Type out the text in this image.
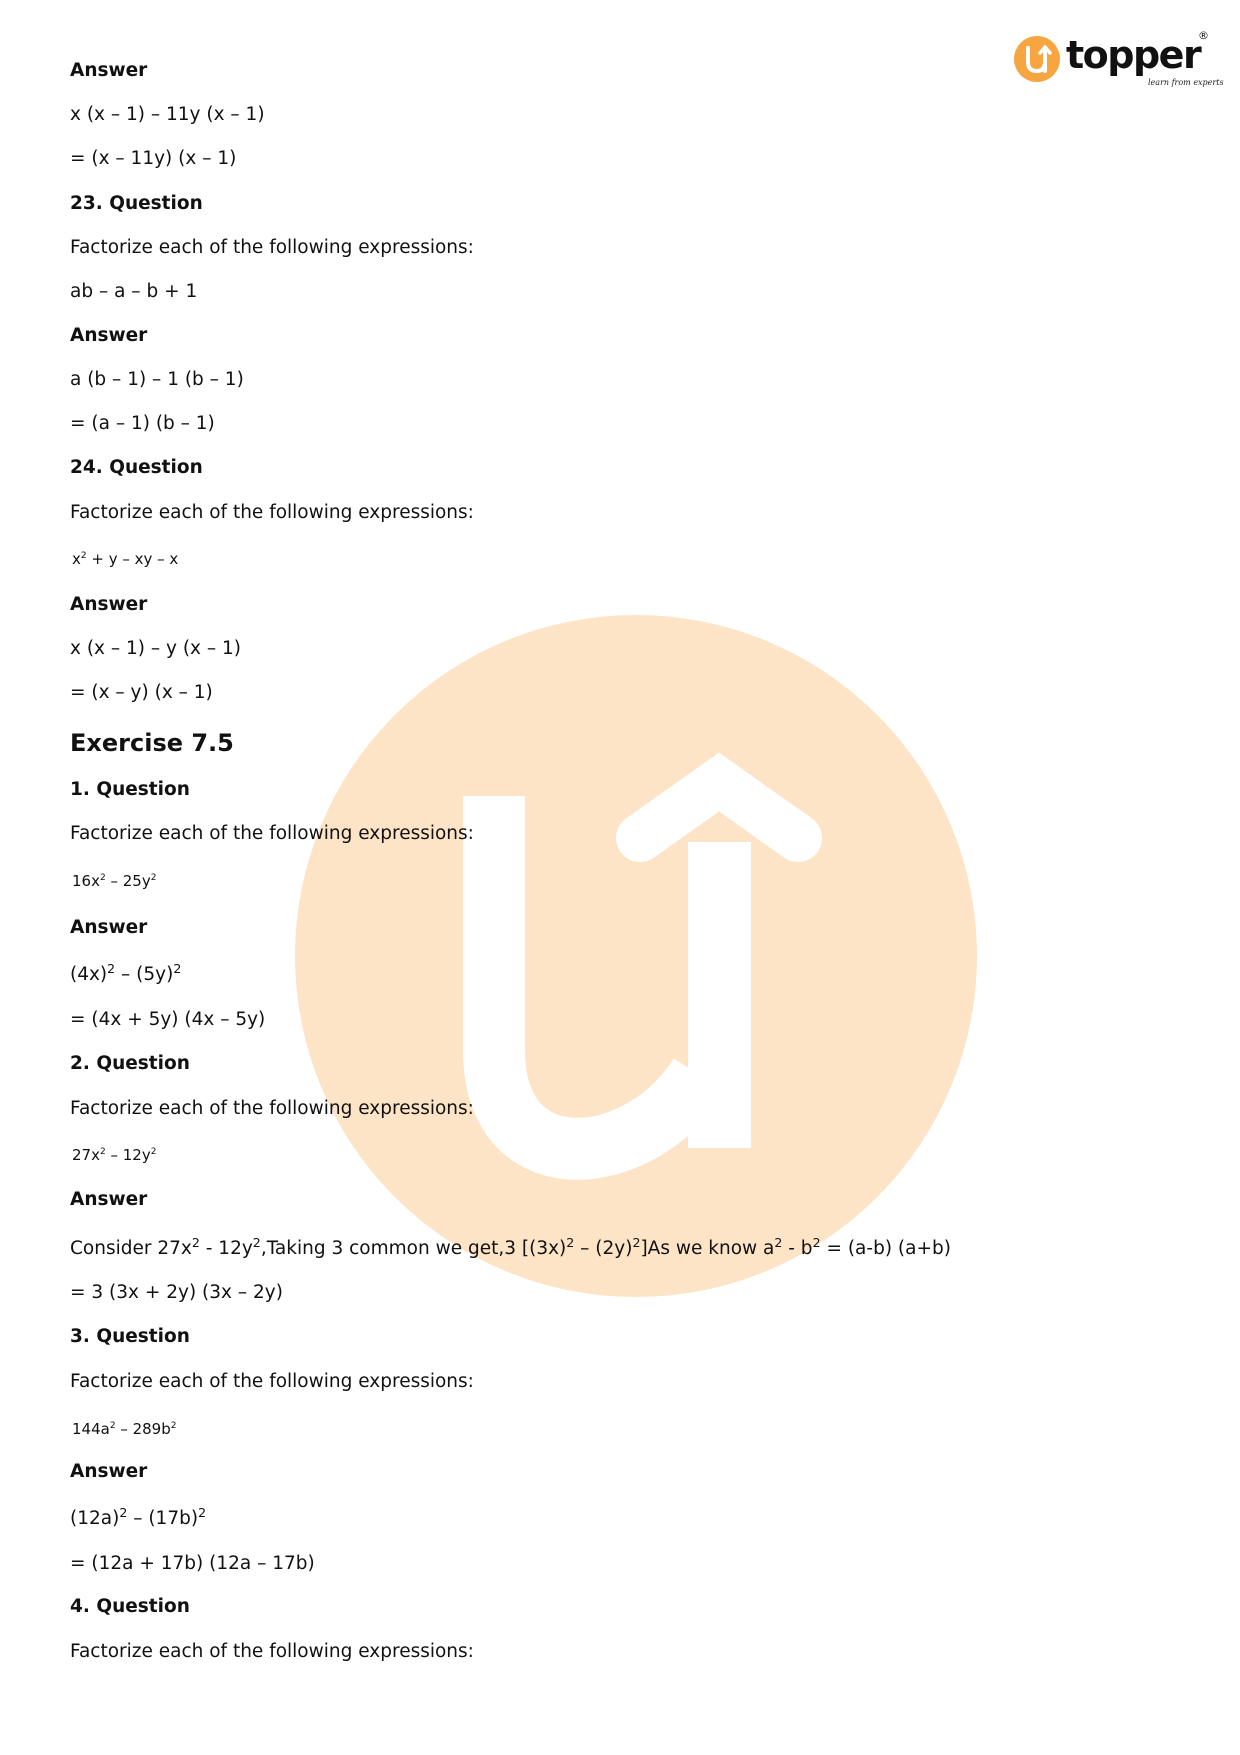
topper
®
learn from experts
Answer
x (x – 1) – 11y (x – 1)
= (x – 11y) (x – 1)
23. Question
Factorize each of the following expressions:
ab – a – b + 1
Answer
a (b – 1) – 1 (b – 1)
= (a – 1) (b – 1)
24. Question
Factorize each of the following expressions:
$x^2 + y$ – xy – x
Answer
x (x – 1) – y (x – 1)
= (x – y) (x – 1)
Exercise 7.5
1. Question
Factorize each of the following expressions:
$16x^2 - 25y^2$
Answer
$(4x)^2 - (5y)^2$
= (4x + 5y) (4x – 5y)
2. Question
Factorize each of the following expressions:
$27x^2 - 12y^2$
Answer
Consider $27x^2$ - $12y^2,Taking$ 3 common we get,3 $[(3x)^2 - (2y)^2]As$ we know $a^2 - b^2 = (a-b)$ (a+b)
= 3 (3x + 2y) (3x – 2y)
3. Question
Factorize each of the following expressions:
$144a^2 - 289b^2$
Answer
$(12a)^2 - (17b)^2$
= (12a + 17b) (12a – 17b)
4. Question
Factorize each of the following expressions:
